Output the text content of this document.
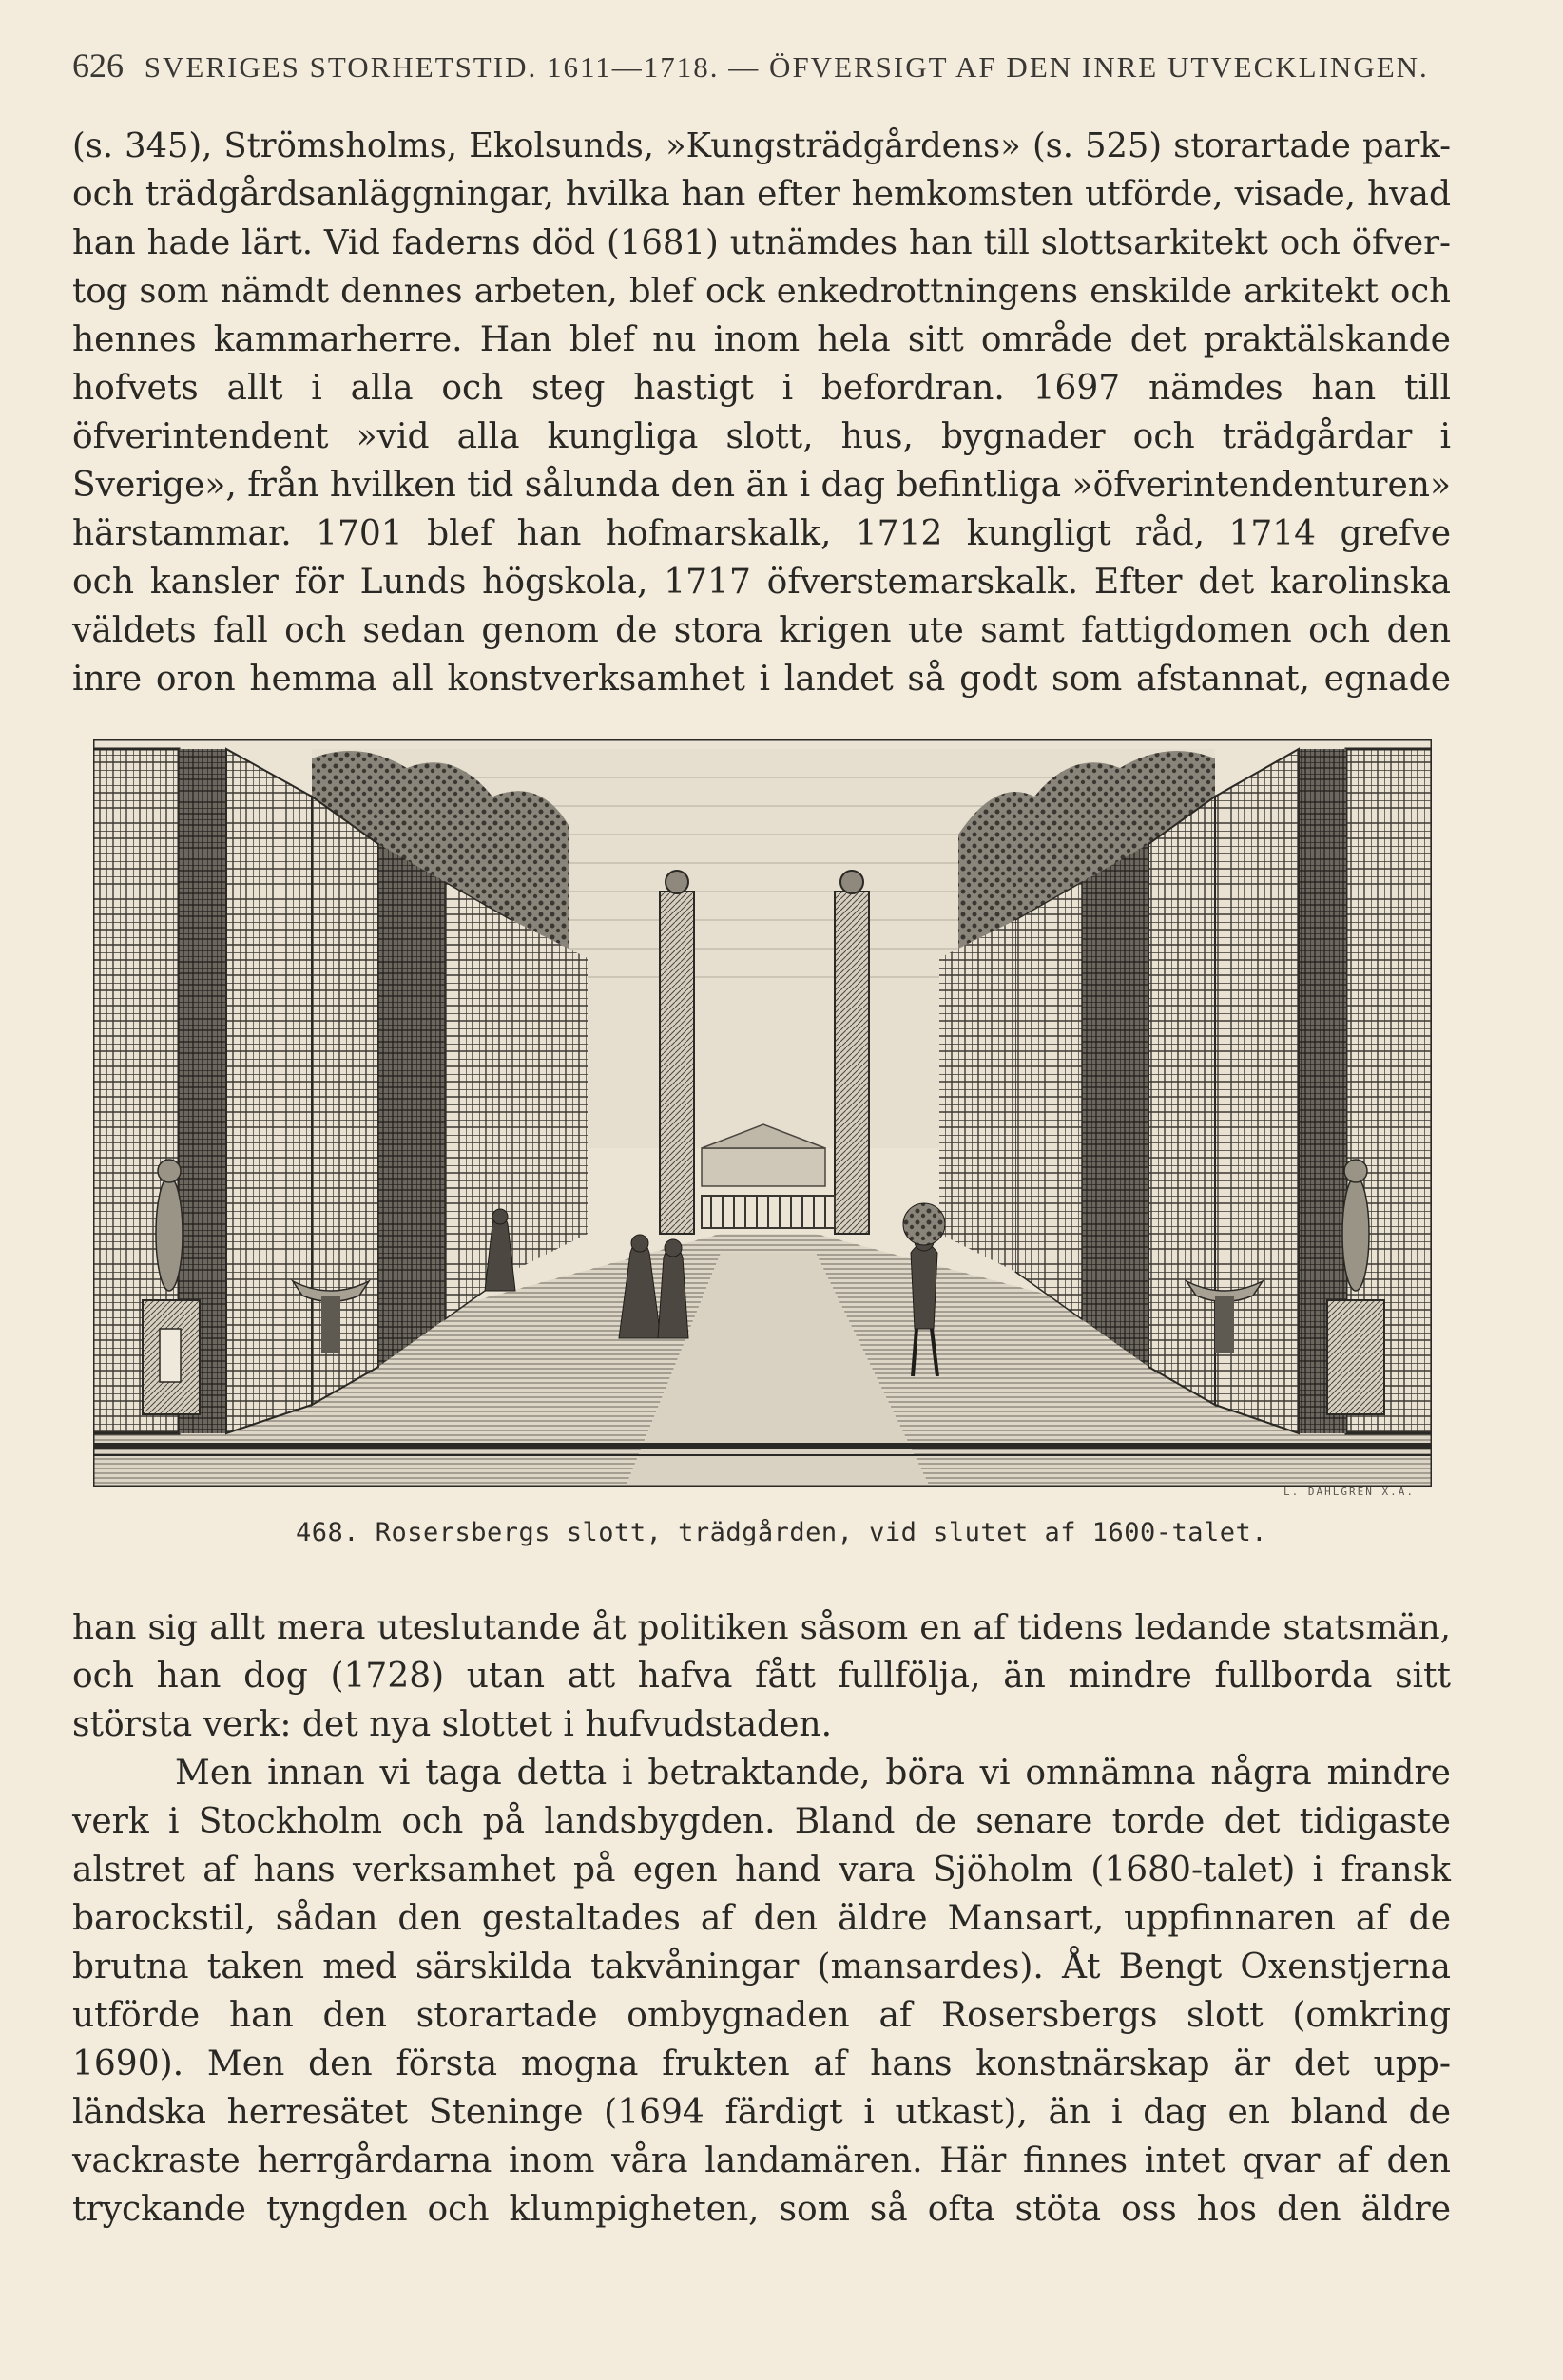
626 SVERIGES STORHETSTID. 1611—1718. — ÖFVERSIGT AF DEN INRE UTVECKLINGEN.
(s. 345), Strömsholms, Ekolsunds, »Kungsträdgårdens» (s. 525) storartade park-
och trädgårdsanläggningar, hvilka han efter hemkomsten utförde, visade, hvad
han hade lärt. Vid faderns död (1681) utnämdes han till slottsarkitekt och öfver-
tog som nämdt dennes arbeten, blef ock enkedrottningens enskilde arkitekt och
hennes kammarherre. Han blef nu inom hela sitt område det praktälskande
hofvets allt i alla och steg hastigt i befordran. 1697 nämdes han till
öfverintendent »vid alla kungliga slott, hus, bygnader och trädgårdar i
Sverige», från hvilken tid sålunda den än i dag befintliga »öfverintendenturen»
härstammar. 1701 blef han hofmarskalk, 1712 kungligt råd, 1714 grefve
och kansler för Lunds högskola, 1717 öfverstemarskalk. Efter det karolinska
väldets fall och sedan genom de stora krigen ute samt fattigdomen och den
inre oron hemma all konstverksamhet i landet så godt som afstannat, egnade
L. DAHLGREN X.A.
468. Rosersbergs slott, trädgården, vid slutet af 1600-talet.
han sig allt mera uteslutande åt politiken såsom en af tidens ledande statsmän,
och han dog (1728) utan att hafva fått fullfölja, än mindre fullborda sitt
största verk: det nya slottet i hufvudstaden.
Men innan vi taga detta i betraktande, böra vi omnämna några mindre
verk i Stockholm och på landsbygden. Bland de senare torde det tidigaste
alstret af hans verksamhet på egen hand vara Sjöholm (1680-talet) i fransk
barockstil, sådan den gestaltades af den äldre Mansart, uppfinnaren af de
brutna taken med särskilda takvåningar (mansardes). Åt Bengt Oxenstjerna
utförde han den storartade ombygnaden af Rosersbergs slott (omkring
1690). Men den första mogna frukten af hans konstnärskap är det upp-
ländska herresätet Steninge (1694 färdigt i utkast), än i dag en bland de
vackraste herrgårdarna inom våra landamären. Här finnes intet qvar af den
tryckande tyngden och klumpigheten, som så ofta stöta oss hos den äldre
